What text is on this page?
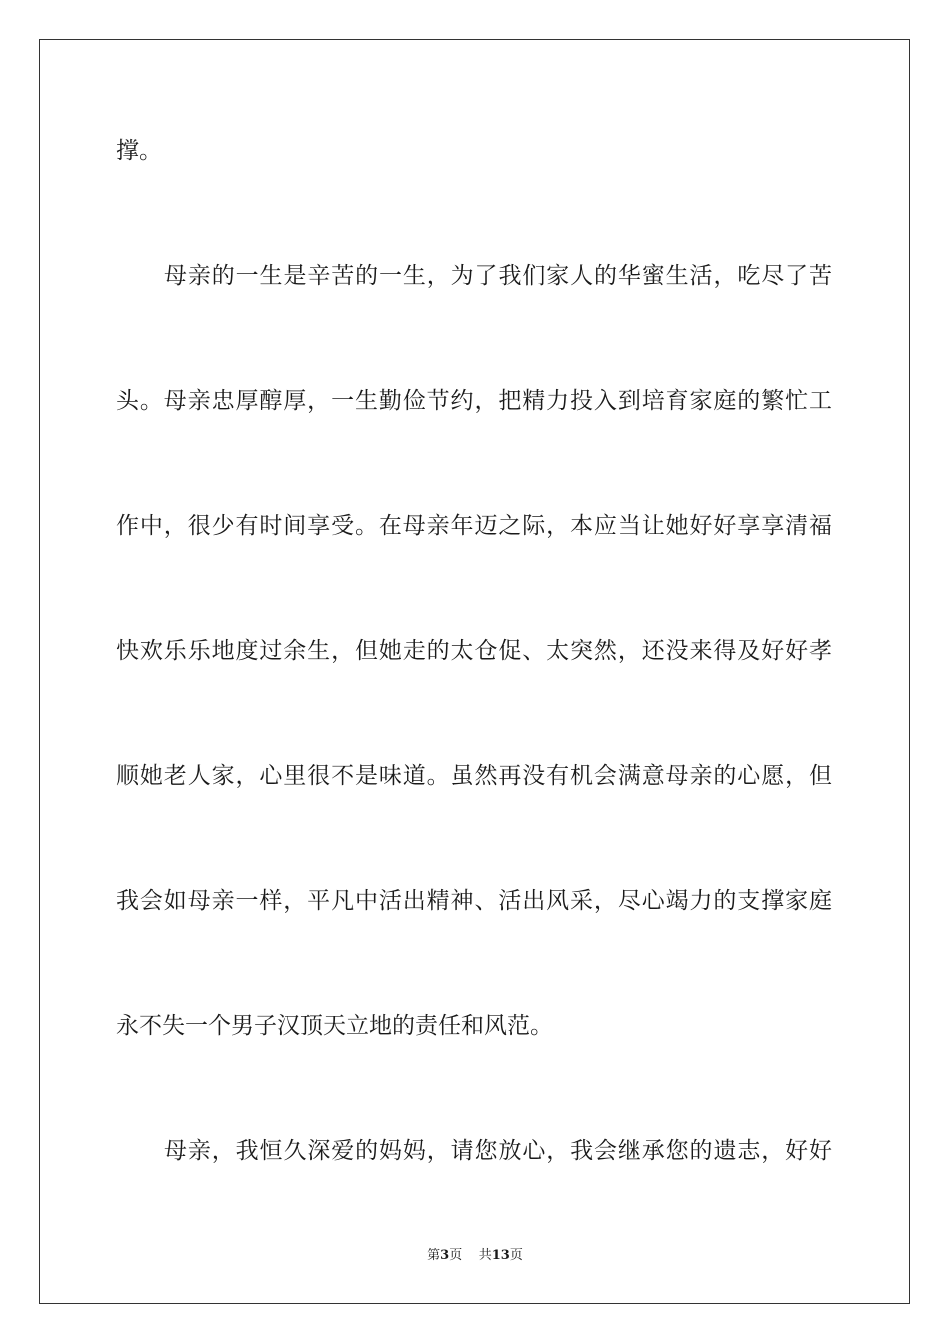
撑。
母亲的一生是辛苦的一生，为了我们家人的华蜜生活，吃尽了苦
头。母亲忠厚醇厚，一生勤俭节约，把精力投入到培育家庭的繁忙工
作中，很少有时间享受。在母亲年迈之际，本应当让她好好享享清福
快欢乐乐地度过余生，但她走的太仓促、太突然，还没来得及好好孝
顺她老人家，心里很不是味道。虽然再没有机会满意母亲的心愿，但
我会如母亲一样，平凡中活出精神、活出风采，尽心竭力的支撑家庭
永不失一个男子汉顶天立地的责任和风范。
母亲，我恒久深爱的妈妈，请您放心，我会继承您的遗志，好好
第3页 共13页
